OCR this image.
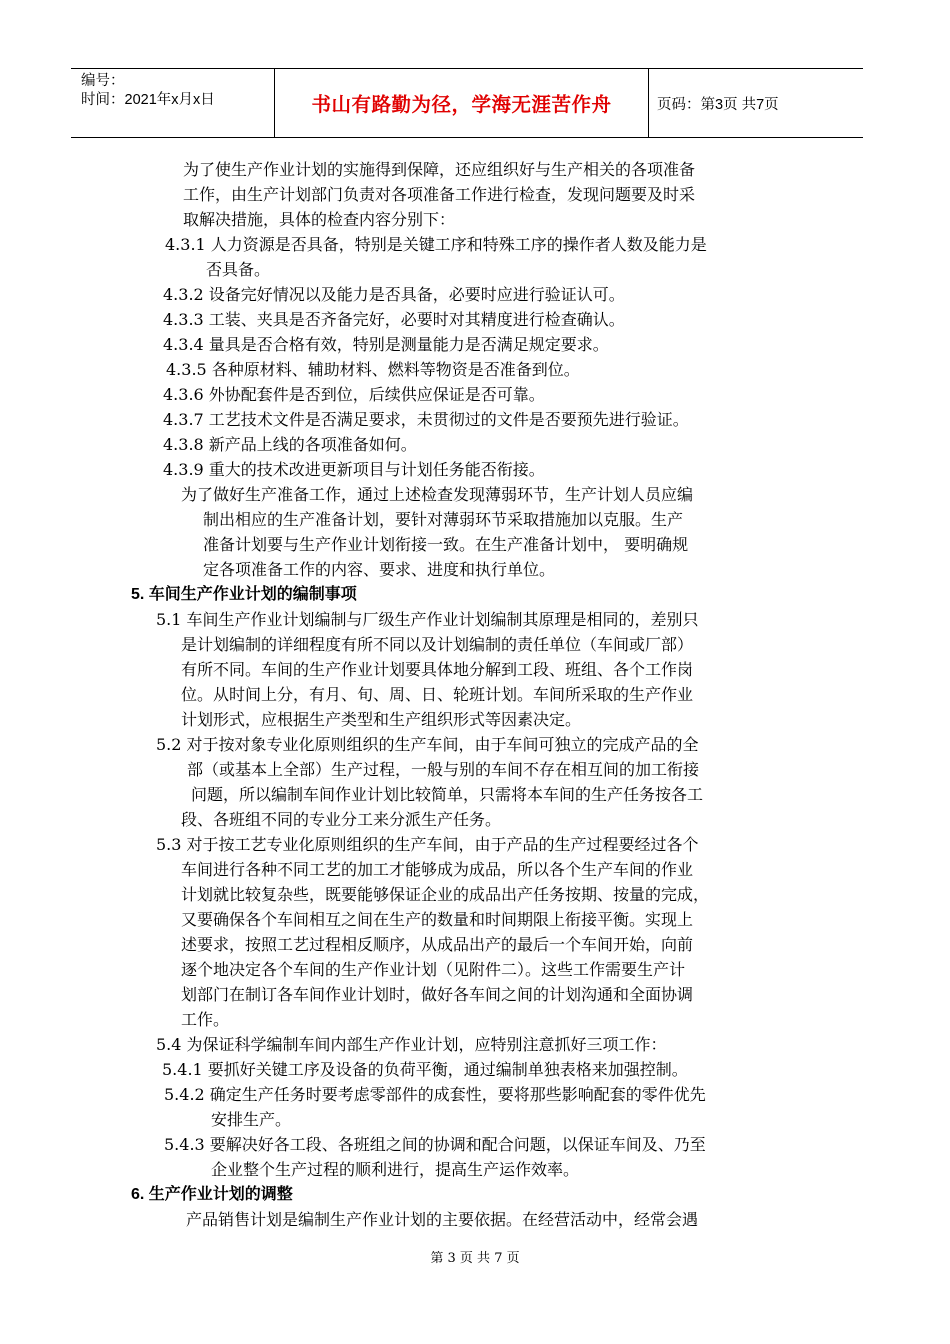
编号：
时间：2021年x月x日	书山有路勤为径，学海无涯苦作舟	页码：第3页 共7页
为了使生产作业计划的实施得到保障，还应组织好与生产相关的各项准备
工作，由生产计划部门负责对各项准备工作进行检查，发现问题要及时采
取解决措施，具体的检查内容分别下：
4.3.1 人力资源是否具备，特别是关键工序和特殊工序的操作者人数及能力是
否具备。
4.3.2 设备完好情况以及能力是否具备，必要时应进行验证认可。
4.3.3 工装、夹具是否齐备完好，必要时对其精度进行检查确认。
4.3.4 量具是否合格有效，特别是测量能力是否满足规定要求。
4.3.5 各种原材料、辅助材料、燃料等物资是否准备到位。
4.3.6 外协配套件是否到位，后续供应保证是否可靠。
4.3.7 工艺技术文件是否满足要求，未贯彻过的文件是否要预先进行验证。
4.3.8 新产品上线的各项准备如何。
4.3.9 重大的技术改进更新项目与计划任务能否衔接。
为了做好生产准备工作，通过上述检查发现薄弱环节，生产计划人员应编
制出相应的生产准备计划，要针对薄弱环节采取措施加以克服。生产
准备计划要与生产作业计划衔接一致。在生产准备计划中， 要明确规
定各项准备工作的内容、要求、进度和执行单位。
5. 车间生产作业计划的编制事项
5.1 车间生产作业计划编制与厂级生产作业计划编制其原理是相同的，差别只
是计划编制的详细程度有所不同以及计划编制的责任单位（车间或厂部）
有所不同。车间的生产作业计划要具体地分解到工段、班组、各个工作岗
位。从时间上分，有月、旬、周、日、轮班计划。车间所采取的生产作业
计划形式，应根据生产类型和生产组织形式等因素决定。
5.2 对于按对象专业化原则组织的生产车间，由于车间可独立的完成产品的全
部（或基本上全部）生产过程，一般与别的车间不存在相互间的加工衔接
问题，所以编制车间作业计划比较简单，只需将本车间的生产任务按各工
段、各班组不同的专业分工来分派生产任务。
5.3 对于按工艺专业化原则组织的生产车间，由于产品的生产过程要经过各个
车间进行各种不同工艺的加工才能够成为成品，所以各个生产车间的作业
计划就比较复杂些，既要能够保证企业的成品出产任务按期、按量的完成，
又要确保各个车间相互之间在生产的数量和时间期限上衔接平衡。实现上
述要求，按照工艺过程相反顺序，从成品出产的最后一个车间开始，向前
逐个地决定各个车间的生产作业计划（见附件二）。这些工作需要生产计
划部门在制订各车间作业计划时，做好各车间之间的计划沟通和全面协调
工作。
5.4 为保证科学编制车间内部生产作业计划，应特别注意抓好三项工作：
5.4.1 要抓好关键工序及设备的负荷平衡，通过编制单独表格来加强控制。
5.4.2 确定生产任务时要考虑零部件的成套性，要将那些影响配套的零件优先
安排生产。
5.4.3 要解决好各工段、各班组之间的协调和配合问题，以保证车间及、乃至
企业整个生产过程的顺利进行，提高生产运作效率。
6. 生产作业计划的调整
产品销售计划是编制生产作业计划的主要依据。在经营活动中，经常会遇
第 3 页 共 7 页
